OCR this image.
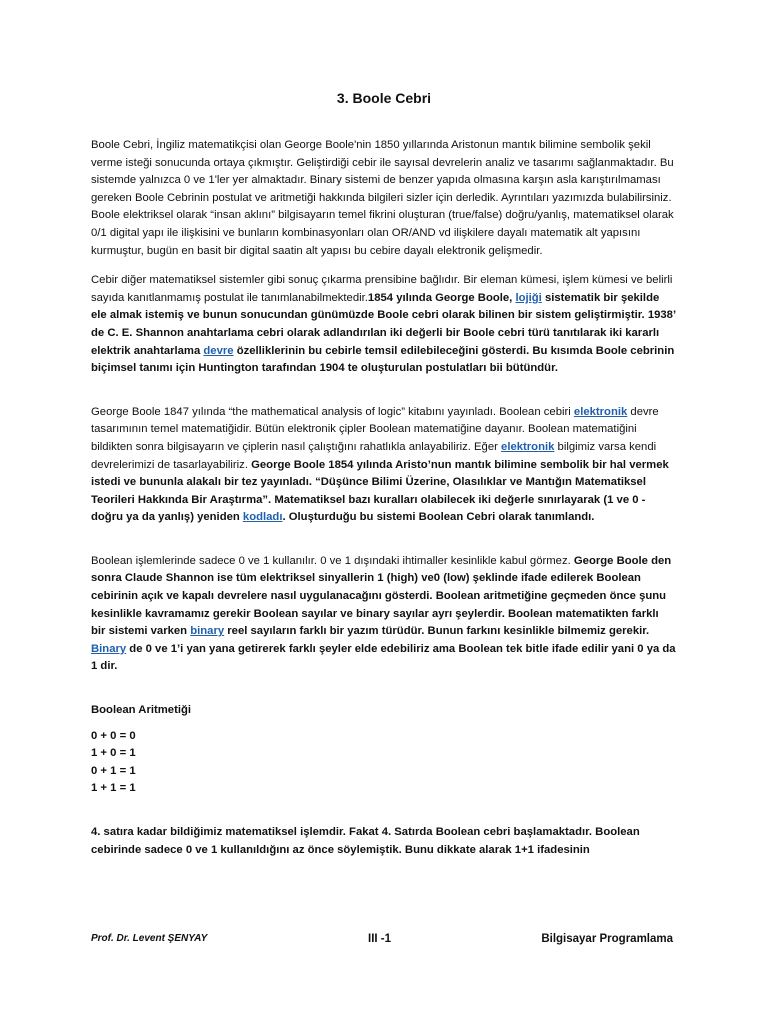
3. Boole Cebri

Boole Cebri, İngiliz matematikçisi olan George Boole'nin 1850 yıllarında Aristonun mantık bilimine sembolik şekil verme isteği sonucunda ortaya çıkmıştır. Geliştirdiği cebir ile sayısal devrelerin analiz ve tasarımı sağlanmaktadır. Bu sistemde yalnızca 0 ve 1'ler yer almaktadır. Binary sistemi de benzer yapıda olmasına karşın asla karıştırılmaması gereken Boole Cebrinin postulat ve aritmetiği hakkında bilgileri sizler için derledik. Ayrıntıları yazımızda bulabilirsiniz. Boole elektriksel olarak “insan aklını” bilgisayarın temel fikrini oluşturan (true/false) doğru/yanlış, matematiksel olarak 0/1 digital yapı ile ilişkisini ve bunların kombinasyonları olan OR/AND vd ilişkilere dayalı matematik alt yapısını kurmuştur, bugün en basit bir digital saatin alt yapısı bu cebire dayalı elektronik gelişmedir.

Cebir diğer matematiksel sistemler gibi sonuç çıkarma prensibine bağlıdır. Bir eleman kümesi, işlem kümesi ve belirli sayıda kanıtlanmamış postulat ile tanımlanabilmektedir.1854 yılında George Boole, lojiği sistematik bir şekilde ele almak istemiş ve bunun sonucundan günümüzde Boole cebri olarak bilinen bir sistem geliştirmiştir. 1938’ de C. E. Shannon anahtarlama cebri olarak adlandırılan iki değerli bir Boole cebri türü tanıtılarak iki kararlı elektrik anahtarlama devre özelliklerinin bu cebirle temsil edilebileceğini gösterdi. Bu kısımda Boole cebrinin biçimsel tanımı için Huntington tarafından 1904 te oluşturulan postulatları bii bütündür.

George Boole 1847 yılında “the mathematical analysis of logic” kitabını yayınladı. Boolean cebiri elektronik devre tasarımının temel matematiğidir. Bütün elektronik çipler Boolean matematiğine dayanır. Boolean matematiğini bildikten sonra bilgisayarın ve çiplerin nasıl çalıştığını rahatlıkla anlayabiliriz. Eğer elektronik bilgimiz varsa kendi devrelerimizi de tasarlayabiliriz. George Boole 1854 yılında Aristo’nun mantık bilimine sembolik bir hal vermek istedi ve bununla alakalı bir tez yayınladı. “Düşünce Bilimi Üzerine, Olasılıklar ve Mantığın Matematiksel Teorileri Hakkında Bir Araştırma”. Matematiksel bazı kuralları olabilecek iki değerle sınırlayarak (1 ve 0 - doğru ya da yanlış) yeniden kodladı. Oluşturduğu bu sistemi Boolean Cebri olarak tanımlandı.

Boolean işlemlerinde sadece 0 ve 1 kullanılır. 0 ve 1 dışındaki ihtimaller kesinlikle kabul görmez. George Boole den sonra Claude Shannon ise tüm elektriksel sinyallerin 1 (high) ve0 (low) şeklinde ifade edilerek Boolean cebirinin açık ve kapalı devrelere nasıl uygulanacağını gösterdi. Boolean aritmetiğine geçmeden önce şunu kesinlikle kavramamız gerekir Boolean sayılar ve binary sayılar ayrı şeylerdir. Boolean matematikten farklı bir sistemi varken binary reel sayıların farklı bir yazım türüdür. Bunun farkını kesinlikle bilmemiz gerekir. Binary de 0 ve 1’i yan yana getirerek farklı şeyler elde edebiliriz ama Boolean tek bitle ifade edilir yani 0 ya da 1 dir.

Boolean Aritmetiği

0 + 0 = 0

1 + 0 = 1

0 + 1 = 1

1 + 1 = 1

4. satıra kadar bildiğimiz matematiksel işlemdir. Fakat 4. Satırda Boolean cebri başlamaktadır. Boolean cebirinde sadece 0 ve 1 kullanıldığını az önce söylemiştik. Bunu dikkate alarak 1+1 ifadesinin

Prof. Dr. Levent ŞENYAY	III -1	Bilgisayar Programlama
